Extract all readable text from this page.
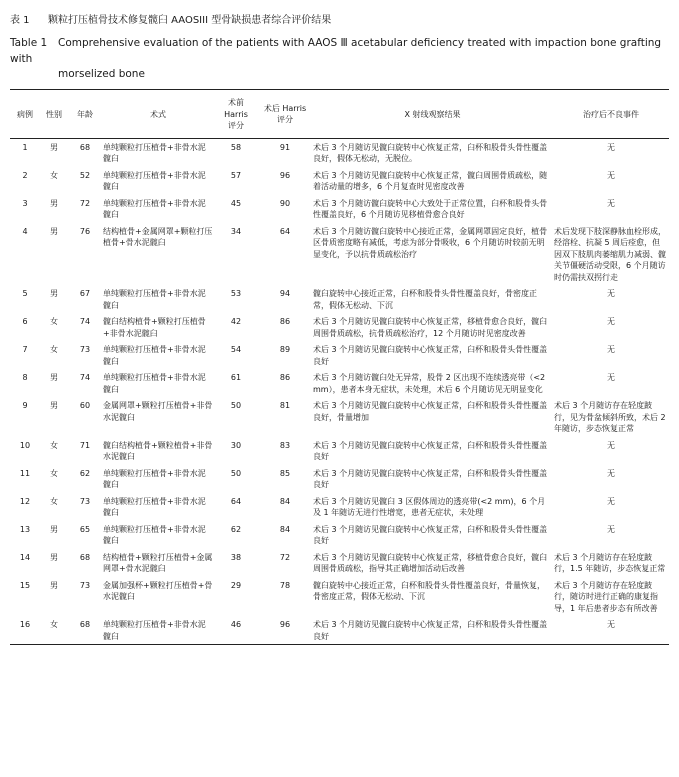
表 1 颗粒打压植骨技术修复髋臼 AAOSIII 型骨缺损患者综合评价结果
Table 1 Comprehensive evaluation of the patients with AAOS Ⅲ acetabular deficiency treated with impaction bone grafting with
morselized bone
病例	性别	年龄	术式	术前
Harris
评分	术后 Harris
评分	X 射线观察结果	治疗后不良事件
1	男	68	单纯颗粒打压植骨+非骨水泥髋臼	58	91	术后 3 个月随访见髋臼旋转中心恢复正常，臼杯和股骨头骨性覆盖良好，假体无松动，无脱位。	无
2	女	52	单纯颗粒打压植骨+非骨水泥髋臼	57	96	术后 3 个月随访见髋臼旋转中心恢复正常，髋臼周围骨质疏松，随着活动量的增多，6 个月复查时见密度改善	无
3	男	72	单纯颗粒打压植骨+非骨水泥髋臼	45	90	术后 3 个月随访髋臼旋转中心大致处于正常位置，臼杯和股骨头骨性覆盖良好，6 个月随访见移植骨愈合良好	无
4	男	76	结构植骨+金属网罩+颗粒打压植骨+骨水泥髋臼	34	64	术后 3 个月随访髋臼旋转中心接近正常，金属网罩固定良好，植骨区骨质密度略有减低，考虑为部分骨吸收，6 个月随访时较前无明显变化，予以抗骨质疏松治疗	术后发现下肢深静脉血栓形成，经溶栓、抗凝 5 周后痊愈，但因双下肢肌肉萎缩肌力减弱、髋关节僵硬活动受限，6 个月随访时仍需扶双拐行走
5	男	67	单纯颗粒打压植骨+非骨水泥髋臼	53	94	髋臼旋转中心接近正常，臼杯和股骨头骨性覆盖良好，骨密度正常，假体无松动、下沉	无
6	女	74	髋臼结构植骨+颗粒打压植骨+非骨水泥髋臼	42	86	术后 3 个月随访见髋臼旋转中心恢复正常，移植骨愈合良好，髋臼周围骨质疏松，抗骨质疏松治疗，12 个月随访时见密度改善	无
7	女	73	单纯颗粒打压植骨+非骨水泥髋臼	54	89	术后 3 个月随访见髋臼旋转中心恢复正常，臼杯和股骨头骨性覆盖良好	无
8	男	74	单纯颗粒打压植骨+非骨水泥髋臼	61	86	术后 3 个月随访髋臼处无异常，股骨 2 区出现不连续透亮带（<2 mm），患者本身无症状，未处理，术后 6 个月随访见无明显变化	无
9	男	60	金属网罩+颗粒打压植骨+非骨水泥髋臼	50	81	术后 3 个月随访见髋臼旋转中心恢复正常，臼杯和股骨头骨性覆盖良好，骨量增加	术后 3 个月随访存在轻度跛行，见为骨盆倾斜所致，术后 2 年随访，步态恢复正常
10	女	71	髋臼结构植骨+颗粒植骨+非骨水泥髋臼	30	83	术后 3 个月随访见髋臼旋转中心恢复正常，臼杯和股骨头骨性覆盖良好	无
11	女	62	单纯颗粒打压植骨+非骨水泥髋臼	50	85	术后 3 个月随访见髋臼旋转中心恢复正常，臼杯和股骨头骨性覆盖良好	无
12	女	73	单纯颗粒打压植骨+非骨水泥髋臼	64	84	术后 3 个月随访见髋臼 3 区假体周边的透亮带(<2 mm)，6 个月及 1 年随访无进行性增宽，患者无症状，未处理	无
13	男	65	单纯颗粒打压植骨+非骨水泥髋臼	62	84	术后 3 个月随访见髋臼旋转中心恢复正常，臼杯和股骨头骨性覆盖良好	无
14	男	68	结构植骨+颗粒打压植骨+金属网罩+骨水泥髋臼	38	72	术后 3 个月随访见髋臼旋转中心恢复正常，移植骨愈合良好，髋臼周围骨质疏松，指导其正确增加活动后改善	术后 3 个月随访存在轻度跛行，1.5 年随访，步态恢复正常
15	男	73	金属加强杯+颗粒打压植骨+骨水泥髋臼	29	78	髋臼旋转中心接近正常，臼杯和股骨头骨性覆盖良好，骨量恢复，骨密度正常，假体无松动、下沉	术后 3 个月随访存在轻度跛行，随访时进行正确的康复指导，1 年后患者步态有所改善
16	女	68	单纯颗粒打压植骨+非骨水泥髋臼	46	96	术后 3 个月随访见髋臼旋转中心恢复正常，臼杯和股骨头骨性覆盖良好	无
